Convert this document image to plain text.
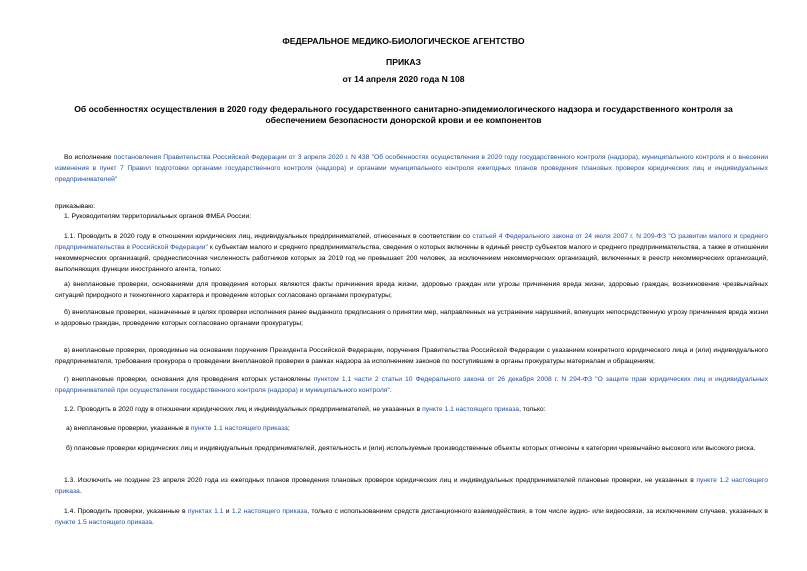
ФЕДЕРАЛЬНОЕ МЕДИКО-БИОЛОГИЧЕСКОЕ АГЕНТСТВО

ПРИКАЗ

от 14 апреля 2020 года N 108

Об особенностях осуществления в 2020 году федерального государственного санитарно-эпидемиологического надзора и государственного контроля за обеспечением безопасности донорской крови и ее компонентов

Во исполнение постановления Правительства Российской Федерации от 3 апреля 2020 г. N 438 "Об особенностях осуществления в 2020 году государственного контроля (надзора), муниципального контроля и о внесении изменения в пункт 7 Правил подготовки органами государственного контроля (надзора) и органами муниципального контроля ежегодных планов проведения плановых проверок юридических лиц и индивидуальных предпринимателей"

приказываю:

1. Руководителям территориальных органов ФМБА России:

1.1. Проводить в 2020 году в отношении юридических лиц, индивидуальных предпринимателей, отнесенных в соответствии со статьей 4 Федерального закона от 24 июля 2007 г. N 209-ФЗ "О развитии малого и среднего предпринимательства в Российской Федерации" к субъектам малого и среднего предпринимательства, сведения о которых включены в единый реестр субъектов малого и среднего предпринимательства, а также в отношении некоммерческих организаций, среднесписочная численность работников которых за 2019 год не превышает 200 человек, за исключением некоммерческих организаций, включенных в реестр некоммерческих организаций, выполняющих функции иностранного агента, только:

а) внеплановые проверки, основаниями для проведения которых являются факты причинения вреда жизни, здоровью граждан или угрозы причинения вреда жизни, здоровью граждан, возникновение чрезвычайных ситуаций природного и техногенного характера и проведение которых согласовано органами прокуратуры;

б) внеплановые проверки, назначенные в целях проверки исполнения ранее выданного предписания о принятии мер, направленных на устранение нарушений, влекущих непосредственную угрозу причинения вреда жизни и здоровью граждан, проведение которых согласовано органами прокуратуры;

в) внеплановые проверки, проводимые на основании поручения Президента Российской Федерации, поручения Правительства Российской Федерации с указанием конкретного юридического лица и (или) индивидуального предпринимателя, требования прокурора о проведении внеплановой проверки в рамках надзора за исполнением законов по поступившим в органы прокуратуры материалам и обращениям;

г) внеплановые проверки, основания для проведения которых установлены пунктом 1.1 части 2 статьи 10 Федерального закона от 26 декабря 2008 г. N 294-ФЗ "О защите прав юридических лиц и индивидуальных предпринимателей при осуществлении государственного контроля (надзора) и муниципального контроля".

1.2. Проводить в 2020 году в отношении юридических лиц и индивидуальных предпринимателей, не указанных в пункте 1.1 настоящего приказа, только:

а) внеплановые проверки, указанные в пункте 1.1 настоящего приказа;

б) плановые проверки юридических лиц и индивидуальных предпринимателей, деятельность и (или) используемые производственные объекты которых отнесены к категории чрезвычайно высокого или высокого риска.

1.3. Исключить не позднее 23 апреля 2020 года из ежегодных планов проведения плановых проверок юридических лиц и индивидуальных предпринимателей плановые проверки, не указанных в пункте 1.2 настоящего приказа.

1.4. Проводить проверки, указанные в пунктах 1.1 и 1.2 настоящего приказа, только с использованием средств дистанционного взаимодействия, в том числе аудио- или видеосвязи, за исключением случаев, указанных в пункте 1.5 настоящего приказа.
